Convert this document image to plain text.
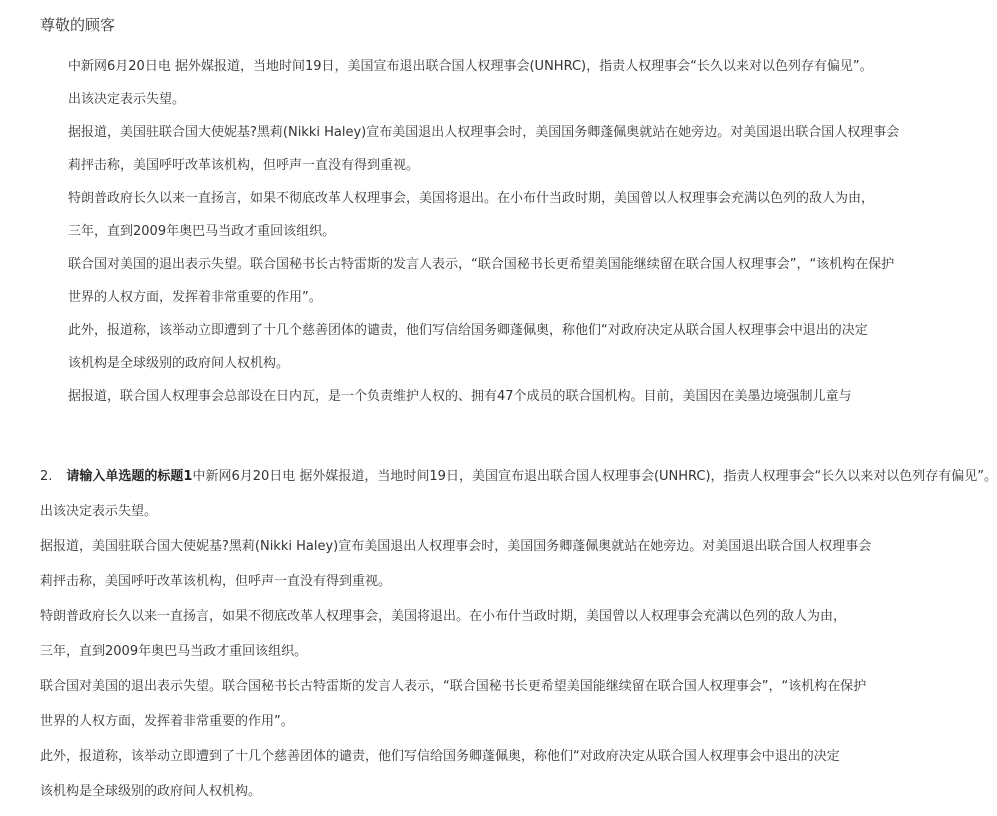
尊敬的顾客
中新网6月20日电 据外媒报道，当地时间19日，美国宣布退出联合国人权理事会(UNHRC)，指责人权理事会“长久以来对以色列存有偏见”。
出该决定表示失望。
据报道，美国驻联合国大使妮基?黑莉(Nikki Haley)宣布美国退出人权理事会时，美国国务卿蓬佩奥就站在她旁边。对美国退出联合国人权理事会
莉抨击称，美国呼吁改革该机构，但呼声一直没有得到重视。
特朗普政府长久以来一直扬言，如果不彻底改革人权理事会，美国将退出。在小布什当政时期，美国曾以人权理事会充满以色列的敌人为由，
三年，直到2009年奥巴马当政才重回该组织。
联合国对美国的退出表示失望。联合国秘书长古特雷斯的发言人表示，“联合国秘书长更希望美国能继续留在联合国人权理事会”，“该机构在保护
世界的人权方面，发挥着非常重要的作用”。
此外，报道称，该举动立即遭到了十几个慈善团体的谴责，他们写信给国务卿蓬佩奥，称他们“对政府决定从联合国人权理事会中退出的决定
该机构是全球级别的政府间人权机构。
据报道，联合国人权理事会总部设在日内瓦，是一个负责维护人权的、拥有47个成员的联合国机构。目前，美国因在美墨边境强制儿童与
2. 请输入单选题的标题1中新网6月20日电 据外媒报道，当地时间19日，美国宣布退出联合国人权理事会(UNHRC)，指责人权理事会“长久以来对以色列存有偏见”。
出该决定表示失望。
据报道，美国驻联合国大使妮基?黑莉(Nikki Haley)宣布美国退出人权理事会时，美国国务卿蓬佩奥就站在她旁边。对美国退出联合国人权理事会
莉抨击称，美国呼吁改革该机构，但呼声一直没有得到重视。
特朗普政府长久以来一直扬言，如果不彻底改革人权理事会，美国将退出。在小布什当政时期，美国曾以人权理事会充满以色列的敌人为由，
三年，直到2009年奥巴马当政才重回该组织。
联合国对美国的退出表示失望。联合国秘书长古特雷斯的发言人表示，“联合国秘书长更希望美国能继续留在联合国人权理事会”，“该机构在保护
世界的人权方面，发挥着非常重要的作用”。
此外，报道称，该举动立即遭到了十几个慈善团体的谴责，他们写信给国务卿蓬佩奥，称他们“对政府决定从联合国人权理事会中退出的决定
该机构是全球级别的政府间人权机构。
